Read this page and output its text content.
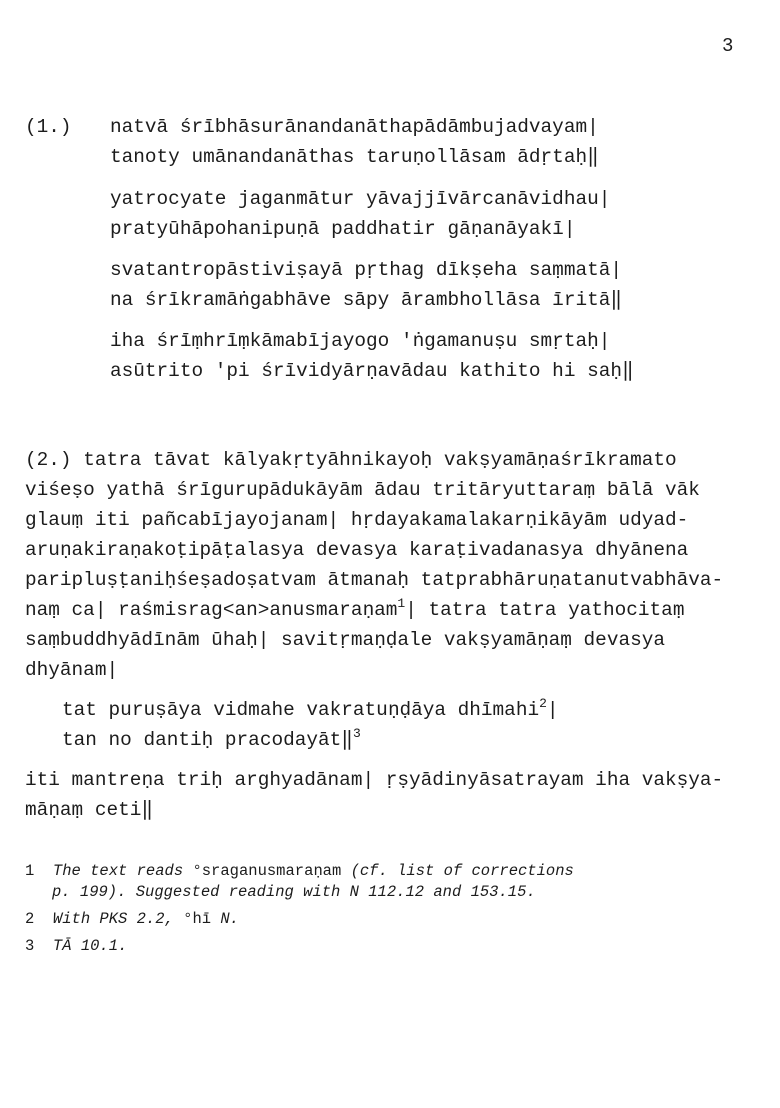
3
(1.) natvā śrībhāsurānandanāthapādāmbujadvayam|
tanoty umānandanāthas taruṇollāsam ādṛtaḥ‖
yatrocyate jaganmātur yāvajjīvārcanāvidhau|
pratyūhāpohanipuṇā paddhatir gāṇanāyakī|
svatantropāstiviṣayā pṛthag dīkṣeha saṃmatā|
na śrīkramāṅgabhāve sāpy ārambhollāsa īritā‖
iha śrīṃhrīṃkāmabījayogo 'ṅgamanuṣu smṛtaḥ|
asūtrito 'pi śrīvidyārṇavādau kathito hi saḥ‖
(2.) tatra tāvat kālyakṛtyāhnikayoḥ vakṣyamāṇaśrīkramato
viśeṣo yathā śrīgurupādukāyām ādau tritāryuttaraṃ bālā vāk
glauṃ iti pañcabījayojanam| hṛdayakamalakarṇikāyām udyad-
aruṇakiraṇakoṭipāṭalasya devasya karaṭivadanasya dhyānena
paripluṣṭaniḥśeṣadoṣatvam ātmanaḥ tatprabhāruṇatanutvabhāva-
naṃ ca| raśmisrag<an>anusmaraṇam$^1$| tatra tatra yathocitaṃ
saṃbuddhyādīnām ūhaḥ| savitṛmaṇḍale vakṣyamāṇaṃ devasya
dhyānam|
tat puruṣāya vidmahe vakratuṇḍāya dhīmahi$^2$|
tan no dantiḥ pracodayāt‖$^3$
iti mantreṇa triḥ arghyadānam| ṛṣyādinyāsatrayam iha vakṣya-
māṇaṃ ceti‖
1 The text reads °sraganusmaraṇam (cf. list of corrections
p. 199). Suggested reading with N 112.12 and 153.15.
2 With PKS 2.2, °hī N.
3 TĀ 10.1.
